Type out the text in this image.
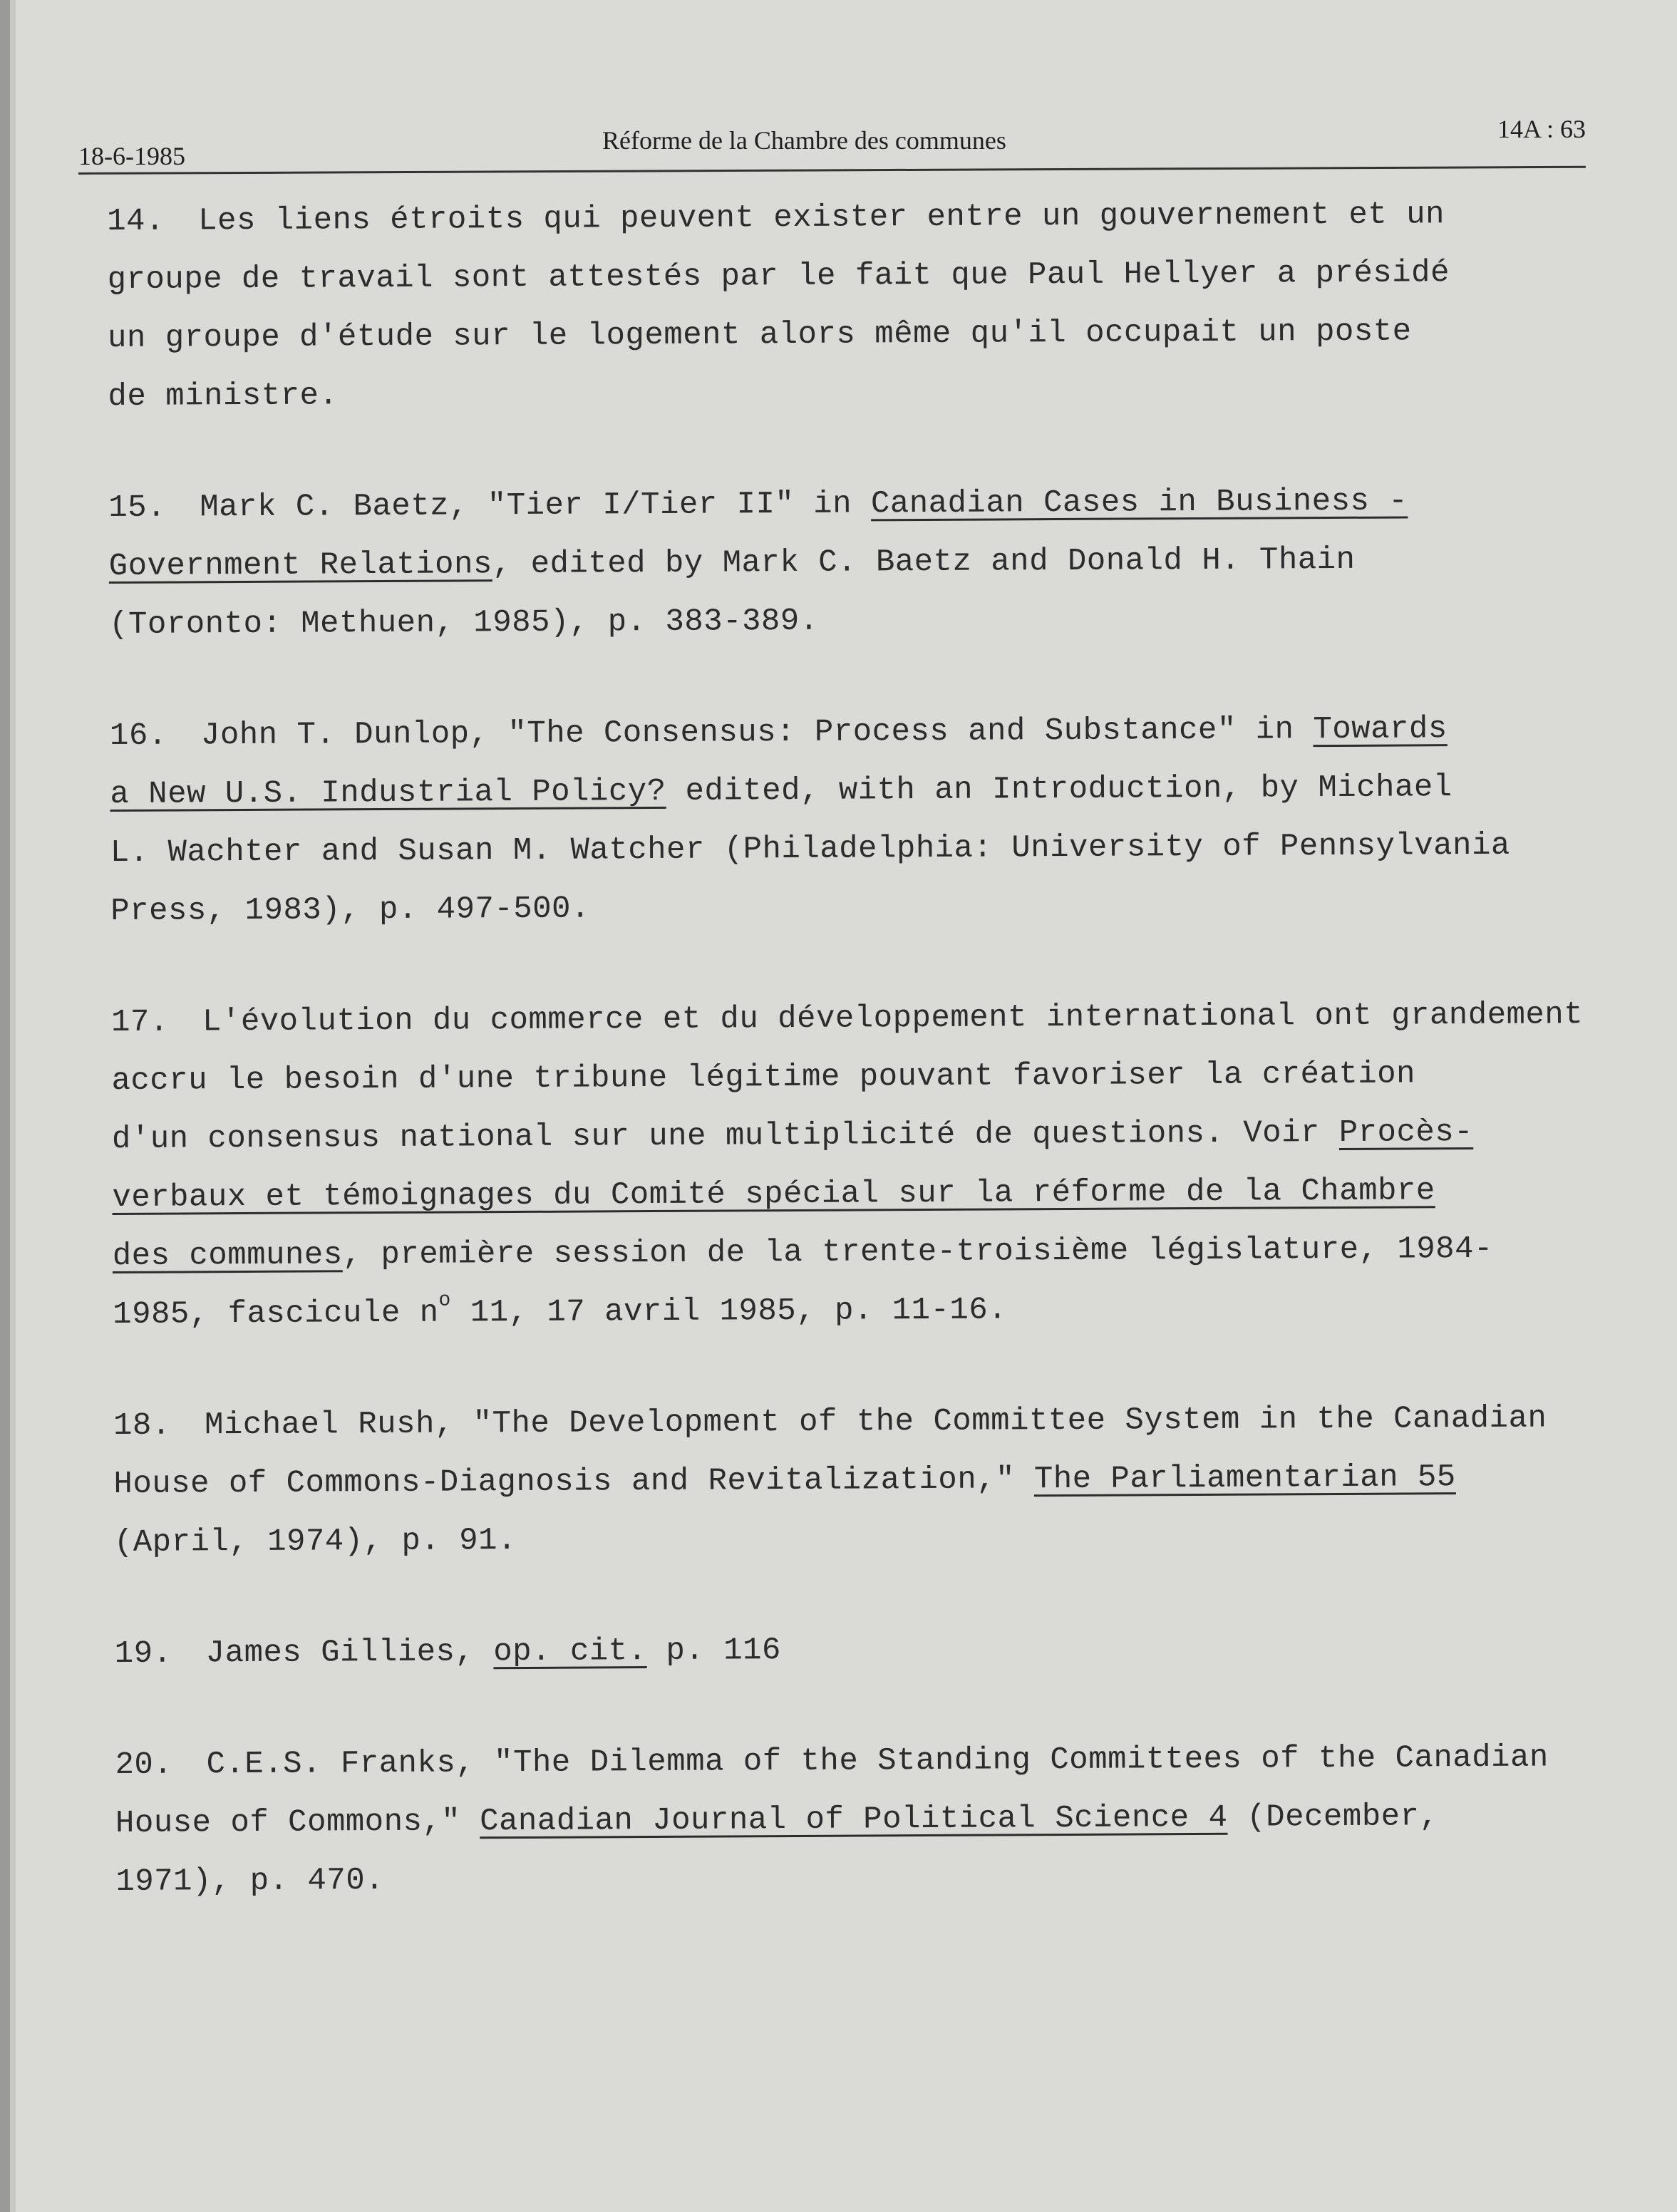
18-6-1985
Réforme de la Chambre des communes	14A : 63
14. Les liens étroits qui peuvent exister entre un gouvernement et un
groupe de travail sont attestés par le fait que Paul Hellyer a présidé
un groupe d'étude sur le logement alors même qu'il occupait un poste
de ministre.
15. Mark C. Baetz, "Tier I/Tier II" in Canadian Cases in Business -
Government Relations, edited by Mark C. Baetz and Donald H. Thain
(Toronto: Methuen, 1985), p. 383-389.
16. John T. Dunlop, "The Consensus: Process and Substance" in Towards
a New U.S. Industrial Policy? edited, with an Introduction, by Michael
L. Wachter and Susan M. Watcher (Philadelphia: University of Pennsylvania
Press, 1983), p. 497-500.
17. L'évolution du commerce et du développement international ont grandement
accru le besoin d'une tribune légitime pouvant favoriser la création
d'un consensus national sur une multiplicité de questions. Voir Procès-
verbaux et témoignages du Comité spécial sur la réforme de la Chambre
des communes, première session de la trente-troisième législature, 1984-
1985, fascicule $n^o$ 11, 17 avril 1985, p. 11-16.
18. Michael Rush, "The Development of the Committee System in the Canadian
House of Commons-Diagnosis and Revitalization," The Parliamentarian 55
(April, 1974), p. 91.
19. James Gillies, op. cit. p. 116
20. C.E.S. Franks, "The Dilemma of the Standing Committees of the Canadian
House of Commons," Canadian Journal of Political Science 4 (December,
1971), p. 470.
